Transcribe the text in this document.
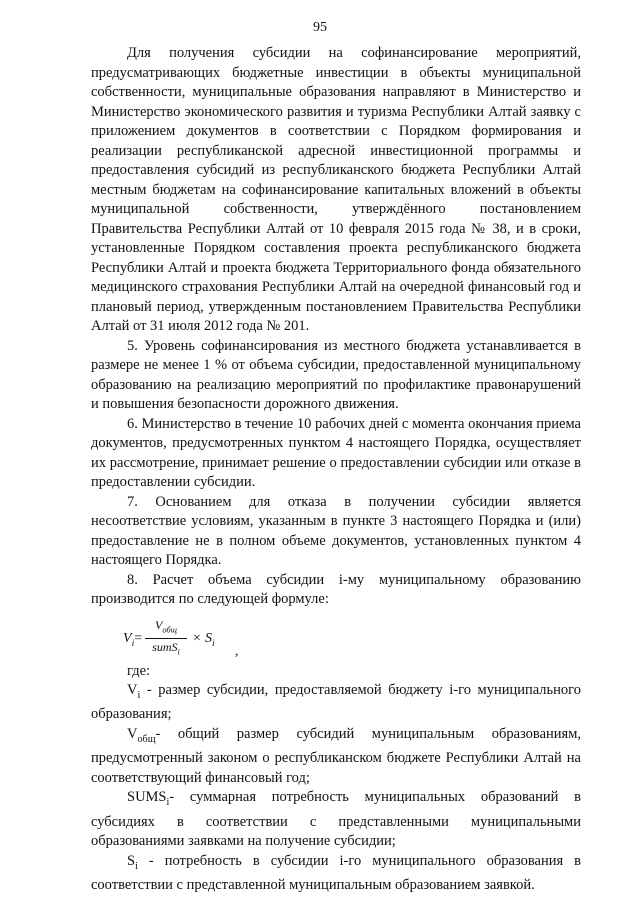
95

Для получения субсидии на софинансирование мероприятий, предусматривающих бюджетные инвестиции в объекты муниципальной собственности, муниципальные образования направляют в Министерство и Министерство экономического развития и туризма Республики Алтай заявку с приложением документов в соответствии с Порядком формирования и реализации республиканской адресной инвестиционной программы и предоставления субсидий из республиканского бюджета Республики Алтай местным бюджетам на софинансирование капитальных вложений в объекты муниципальной собственности, утверждённого постановлением Правительства Республики Алтай от 10 февраля 2015 года № 38, и в сроки, установленные Порядком составления проекта республиканского бюджета Республики Алтай и проекта бюджета Территориального фонда обязательного медицинского страхования Республики Алтай на очередной финансовый год и плановый период, утвержденным постановлением Правительства Республики Алтай от 31 июля 2012 года № 201.

5. Уровень софинансирования из местного бюджета устанавливается в размере не менее 1 % от объема субсидии, предоставленной муниципальному образованию на реализацию мероприятий по профилактике правонарушений и повышения безопасности дорожного движения.

6. Министерство в течение 10 рабочих дней с момента окончания приема документов, предусмотренных пунктом 4 настоящего Порядка, осуществляет их рассмотрение, принимает решение о предоставлении субсидии или отказе в предоставлении субсидии.

7. Основанием для отказа в получении субсидии является несоответствие условиям, указанным в пункте 3 настоящего Порядка и (или) предоставление не в полном объеме документов, установленных пунктом 4 настоящего Порядка.

8. Расчет объема субсидии i-му муниципальному образованию производится по следующей формуле:

$V_i=$
$V_{общ}$
sumS$_i$
× $S_i$
,

где:

$V_i$ - размер субсидии, предоставляемой бюджету i-го муниципального образования;

$V_{общ}-$ общий размер субсидий муниципальным образованиям, предусмотренный законом о республиканском бюджете Республики Алтай на соответствующий финансовый год;

$SUMS_i-$ суммарная потребность муниципальных образований в субсидиях в соответствии с представленными муниципальными образованиями заявками на получение субсидии;

$S_i$ - потребность в субсидии i-го муниципального образования в соответствии с представленной муниципальным образованием заявкой.
